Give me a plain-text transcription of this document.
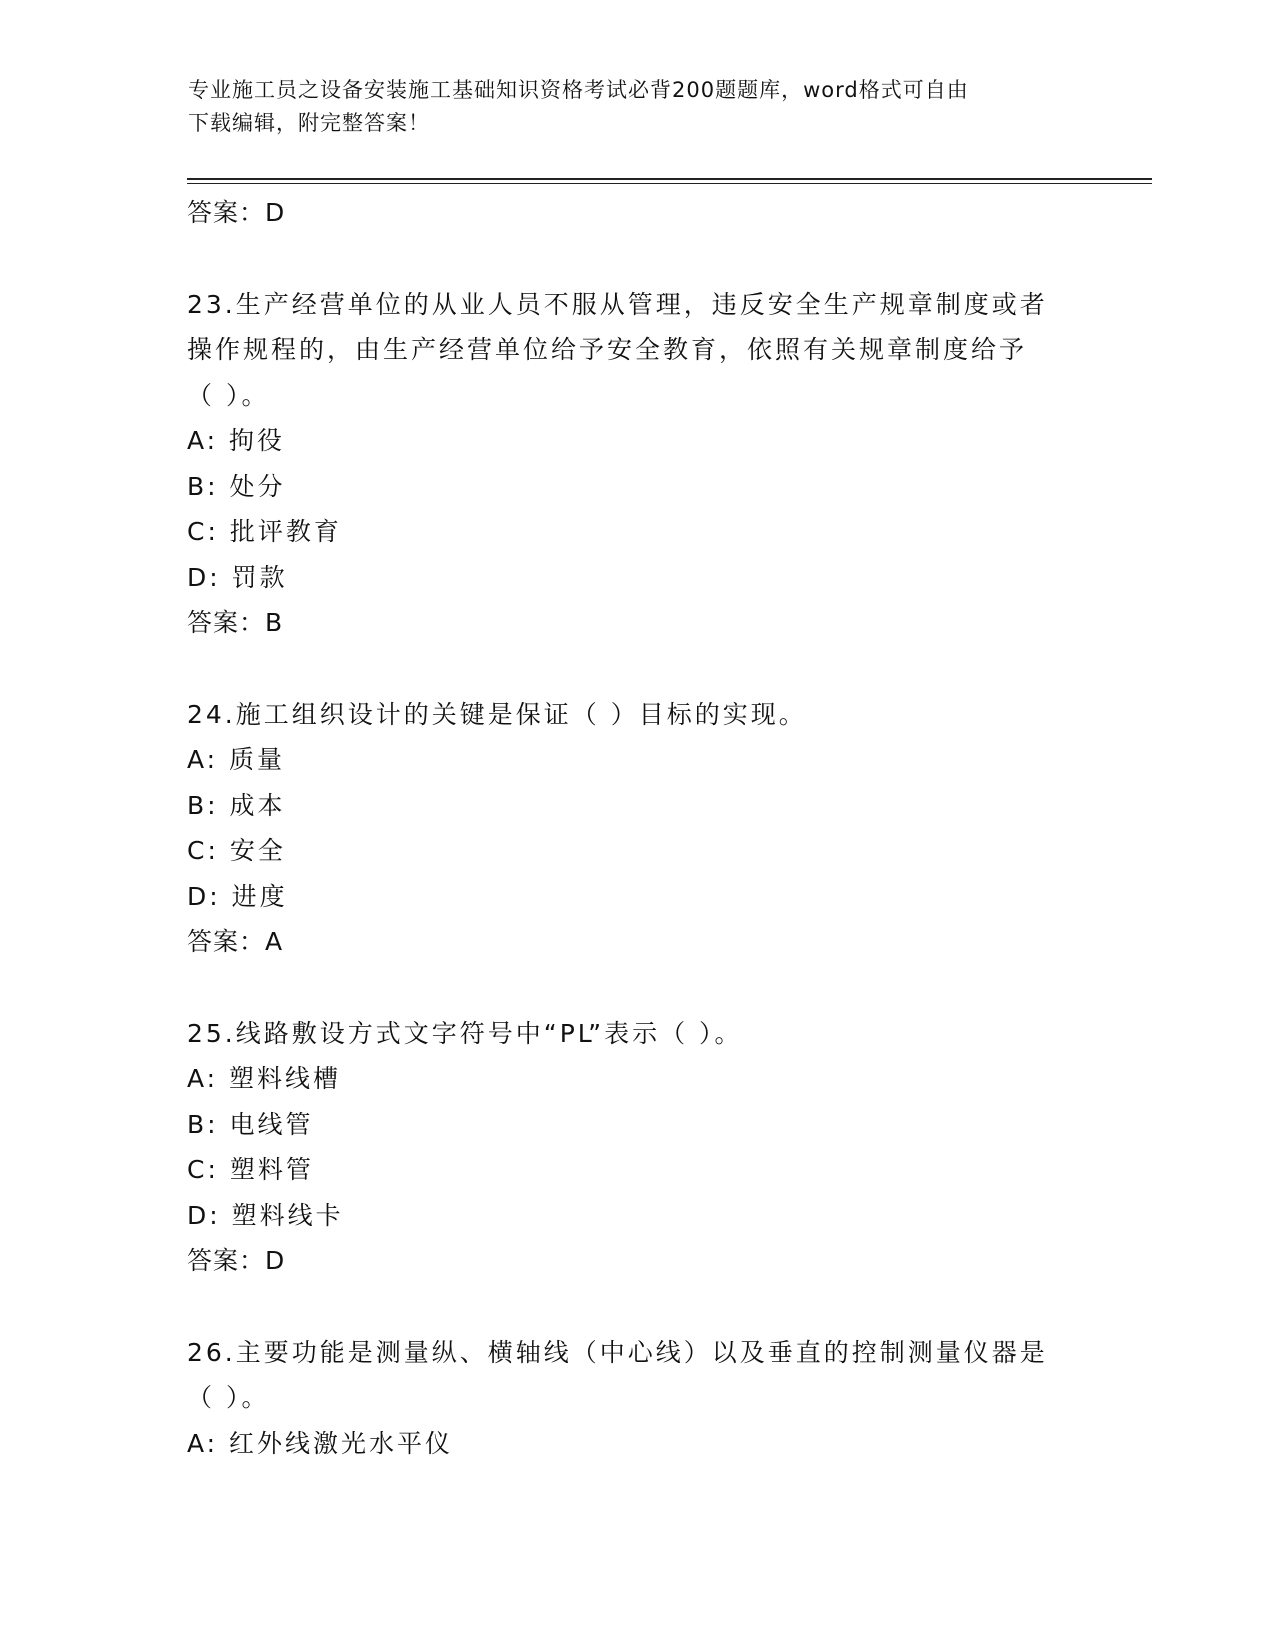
专业施工员之设备安装施工基础知识资格考试必背200题题库，word格式可自由
下载编辑，附完整答案！
答案：D
23.生产经营单位的从业人员不服从管理，违反安全生产规章制度或者
操作规程的，由生产经营单位给予安全教育，依照有关规章制度给予
（ ）。
A: 拘役
B: 处分
C: 批评教育
D: 罚款
答案：B
24.施工组织设计的关键是保证（ ）目标的实现。
A: 质量
B: 成本
C: 安全
D: 进度
答案：A
25.线路敷设方式文字符号中“PL”表示（ ）。
A: 塑料线槽
B: 电线管
C: 塑料管
D: 塑料线卡
答案：D
26.主要功能是测量纵、横轴线（中心线）以及垂直的控制测量仪器是
（ ）。
A: 红外线激光水平仪
